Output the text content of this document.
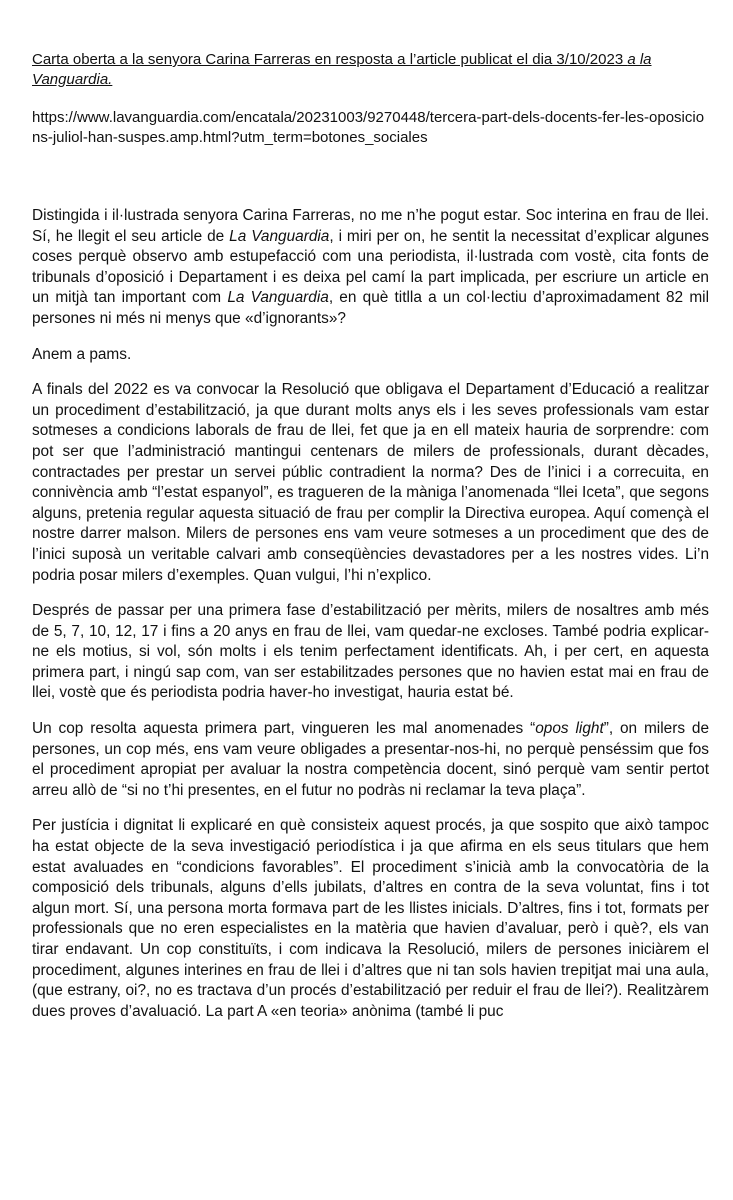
Carta oberta a la senyora Carina Farreras en resposta a l’article publicat el dia 3/10/2023 a la Vanguardia.

https://www.lavanguardia.com/encatala/20231003/9270448/tercera-part-dels-docents-fer-les-oposicions-juliol-han-suspes.amp.html?utm_term=botones_sociales

Distingida i il·lustrada senyora Carina Farreras, no me n’he pogut estar. Soc interina en frau de llei. Sí, he llegit el seu article de La Vanguardia, i miri per on, he sentit la necessitat d’explicar algunes coses perquè observo amb estupefacció com una periodista, il·lustrada com vostè, cita fonts de tribunals d’oposició i Departament i es deixa pel camí la part implicada, per escriure un article en un mitjà tan important com La Vanguardia, en què titlla a un col·lectiu d’aproximadament 82 mil persones ni més ni menys que «d’ignorants»?

Anem a pams.

A finals del 2022 es va convocar la Resolució que obligava el Departament d’Educació a realitzar un procediment d’estabilització, ja que durant molts anys els i les seves professionals vam estar sotmeses a condicions laborals de frau de llei, fet que ja en ell mateix hauria de sorprendre: com pot ser que l’administració mantingui centenars de milers de professionals, durant dècades, contractades per prestar un servei públic contradient la norma? Des de l’inici i a correcuita, en connivència amb “l’estat espanyol”, es tragueren de la màniga l’anomenada “llei Iceta”, que segons alguns, pretenia regular aquesta situació de frau per complir la Directiva europea. Aquí començà el nostre darrer malson. Milers de persones ens vam veure sotmeses a un procediment que des de l’inici suposà un veritable calvari amb conseqüències devastadores per a les nostres vides. Li’n podria posar milers d’exemples. Quan vulgui, l’hi n’explico.

Després de passar per una primera fase d’estabilització per mèrits, milers de nosaltres amb més de 5, 7, 10, 12, 17 i fins a 20 anys en frau de llei, vam quedar-ne excloses. També podria explicar-ne els motius, si vol, són molts i els tenim perfectament identificats. Ah, i per cert, en aquesta primera part, i ningú sap com, van ser estabilitzades persones que no havien estat mai en frau de llei, vostè que és periodista podria haver-ho investigat, hauria estat bé.

Un cop resolta aquesta primera part, vingueren les mal anomenades “opos light”, on milers de persones, un cop més, ens vam veure obligades a presentar-nos-hi, no perquè penséssim que fos el procediment apropiat per avaluar la nostra competència docent, sinó perquè vam sentir pertot arreu allò de “si no t’hi presentes, en el futur no podràs ni reclamar la teva plaça”.

Per justícia i dignitat li explicaré en què consisteix aquest procés, ja que sospito que això tampoc ha estat objecte de la seva investigació periodística i ja que afirma en els seus titulars que hem estat avaluades en “condicions favorables”. El procediment s’inicià amb la convocatòria de la composició dels tribunals, alguns d’ells jubilats, d’altres en contra de la seva voluntat, fins i tot algun mort. Sí, una persona morta formava part de les llistes inicials. D’altres, fins i tot, formats per professionals que no eren especialistes en la matèria que havien d’avaluar, però i què?, els van tirar endavant. Un cop constituïts, i com indicava la Resolució, milers de persones iniciàrem el procediment, algunes interines en frau de llei i d’altres que ni tan sols havien trepitjat mai una aula, (que estrany, oi?, no es tractava d’un procés d’estabilització per reduir el frau de llei?). Realitzàrem dues proves d’avaluació. La part A «en teoria» anònima (també li puc
